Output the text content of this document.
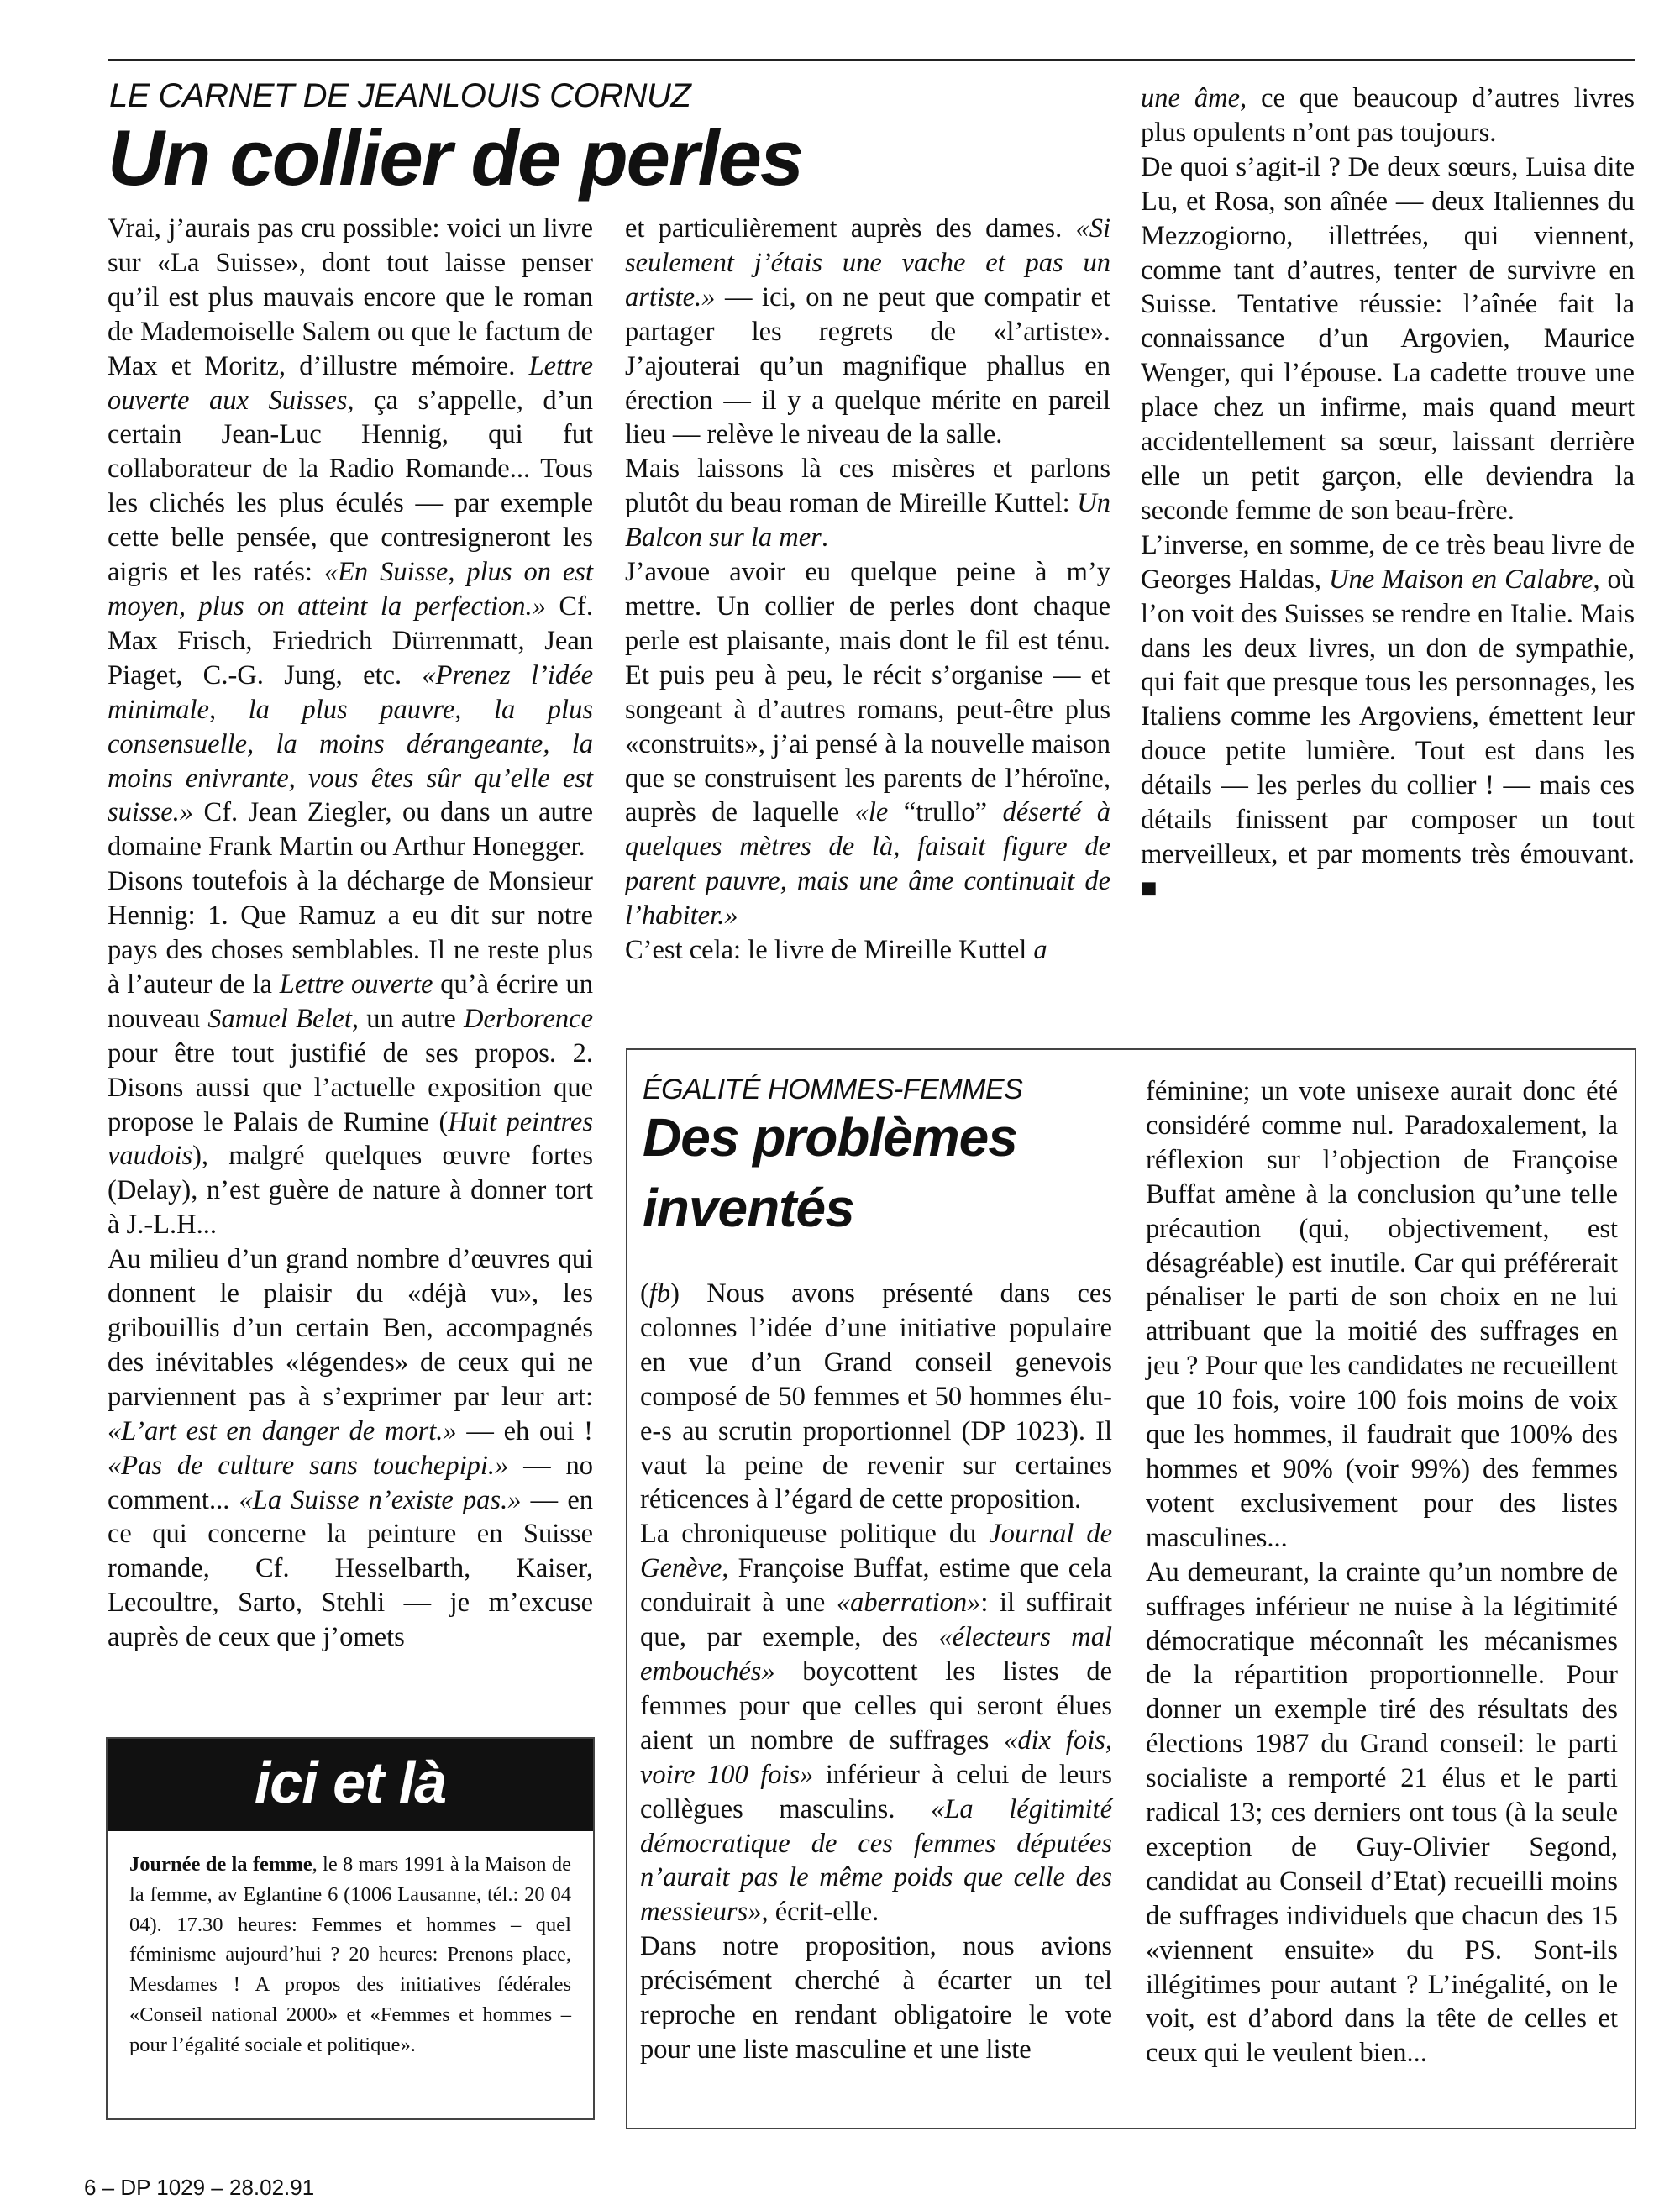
LE CARNET DE JEANLOUIS CORNUZ
Un collier de perles

Vrai, j’aurais pas cru possible: voici un livre sur «La Suisse», dont tout laisse penser qu’il est plus mauvais encore que le roman de Mademoiselle Salem ou que le factum de Max et Moritz, d’illustre mémoire. Lettre ouverte aux Suisses, ça s’appelle, d’un certain Jean-Luc Hennig, qui fut collaborateur de la Radio Romande... Tous les clichés les plus éculés — par exemple cette belle pensée, que contresigneront les aigris et les ratés: «En Suisse, plus on est moyen, plus on atteint la perfection.» Cf. Max Frisch, Friedrich Dürrenmatt, Jean Piaget, C.-G. Jung, etc. «Prenez l’idée minimale, la plus pauvre, la plus consensuelle, la moins dérangeante, la moins enivrante, vous êtes sûr qu’elle est suisse.» Cf. Jean Ziegler, ou dans un autre domaine Frank Martin ou Arthur Honegger.

Disons toutefois à la décharge de Monsieur Hennig: 1. Que Ramuz a eu dit sur notre pays des choses semblables. Il ne reste plus à l’auteur de la Lettre ouverte qu’à écrire un nouveau Samuel Belet, un autre Derborence pour être tout justifié de ses propos. 2. Disons aussi que l’actuelle exposition que propose le Palais de Rumine (Huit peintres vaudois), malgré quelques œuvre fortes (Delay), n’est guère de nature à donner tort à J.-L.H...

Au milieu d’un grand nombre d’œuvres qui donnent le plaisir du «déjà vu», les gribouillis d’un certain Ben, accompagnés des inévitables «légendes» de ceux qui ne parviennent pas à s’exprimer par leur art: «L’art est en danger de mort.» — eh oui ! «Pas de culture sans touchepipi.» — no comment... «La Suisse n’existe pas.» — en ce qui concerne la peinture en Suisse romande, Cf. Hesselbarth, Kaiser, Lecoultre, Sarto, Stehli — je m’excuse auprès de ceux que j’omets

et particulièrement auprès des dames. «Si seulement j’étais une vache et pas un artiste.» — ici, on ne peut que compatir et partager les regrets de «l’artiste». J’ajouterai qu’un magnifique phallus en érection — il y a quelque mérite en pareil lieu — relève le niveau de la salle.

Mais laissons là ces misères et parlons plutôt du beau roman de Mireille Kuttel: Un Balcon sur la mer.

J’avoue avoir eu quelque peine à m’y mettre. Un collier de perles dont chaque perle est plaisante, mais dont le fil est ténu. Et puis peu à peu, le récit s’organise — et songeant à d’autres romans, peut-être plus «construits», j’ai pensé à la nouvelle maison que se construisent les parents de l’héroïne, auprès de laquelle «le “trullo” déserté à quelques mètres de là, faisait figure de parent pauvre, mais une âme continuait de l’habiter.»

C’est cela: le livre de Mireille Kuttel a

une âme, ce que beaucoup d’autres livres plus opulents n’ont pas toujours.

De quoi s’agit-il ? De deux sœurs, Luisa dite Lu, et Rosa, son aînée — deux Italiennes du Mezzogiorno, illettrées, qui viennent, comme tant d’autres, tenter de survivre en Suisse. Tentative réussie: l’aînée fait la connaissance d’un Argovien, Maurice Wenger, qui l’épouse. La cadette trouve une place chez un infirme, mais quand meurt accidentellement sa sœur, laissant derrière elle un petit garçon, elle deviendra la seconde femme de son beau-frère.

L’inverse, en somme, de ce très beau livre de Georges Haldas, Une Maison en Calabre, où l’on voit des Suisses se rendre en Italie. Mais dans les deux livres, un don de sympathie, qui fait que presque tous les personnages, les Italiens comme les Argoviens, émettent leur douce petite lumière. Tout est dans les détails — les perles du collier ! — mais ces détails finissent par composer un tout merveilleux, et par moments très émouvant. ■

ici et là
Journée de la femme, le 8 mars 1991 à la Maison de la femme, av Eglantine 6 (1006 Lausanne, tél.: 20 04 04). 17.30 heures: Femmes et hommes – quel féminisme aujourd’hui ? 20 heures: Prenons place, Mesdames ! A propos des initiatives fédérales «Conseil national 2000» et «Femmes et hommes – pour l’égalité sociale et politique».
ÉGALITÉ HOMMES-FEMMES
Des problèmes
inventés

(fb) Nous avons présenté dans ces colonnes l’idée d’une initiative populaire en vue d’un Grand conseil genevois composé de 50 femmes et 50 hommes élu-e-s au scrutin proportionnel (DP 1023). Il vaut la peine de revenir sur certaines réticences à l’égard de cette proposition.

La chroniqueuse politique du Journal de Genève, Françoise Buffat, estime que cela conduirait à une «aberration»: il suffirait que, par exemple, des «électeurs mal embouchés» boycottent les listes de femmes pour que celles qui seront élues aient un nombre de suffrages «dix fois, voire 100 fois» inférieur à celui de leurs collègues masculins. «La légitimité démocratique de ces femmes députées n’aurait pas le même poids que celle des messieurs», écrit-elle.

Dans notre proposition, nous avions précisément cherché à écarter un tel reproche en rendant obligatoire le vote pour une liste masculine et une liste

féminine; un vote unisexe aurait donc été considéré comme nul. Paradoxalement, la réflexion sur l’objection de Françoise Buffat amène à la conclusion qu’une telle précaution (qui, objectivement, est désagréable) est inutile. Car qui préférerait pénaliser le parti de son choix en ne lui attribuant que la moitié des suffrages en jeu ? Pour que les candidates ne recueillent que 10 fois, voire 100 fois moins de voix que les hommes, il faudrait que 100% des hommes et 90% (voir 99%) des femmes votent exclusivement pour des listes masculines...

Au demeurant, la crainte qu’un nombre de suffrages inférieur ne nuise à la légitimité démocratique méconnaît les mécanismes de la répartition proportionnelle. Pour donner un exemple tiré des résultats des élections 1987 du Grand conseil: le parti socialiste a remporté 21 élus et le parti radical 13; ces derniers ont tous (à la seule exception de Guy-Olivier Segond, candidat au Conseil d’Etat) recueilli moins de suffrages individuels que chacun des 15 «viennent ensuite» du PS. Sont-ils illégitimes pour autant ? L’inégalité, on le voit, est d’abord dans la tête de celles et ceux qui le veulent bien...

6 – DP 1029 – 28.02.91
